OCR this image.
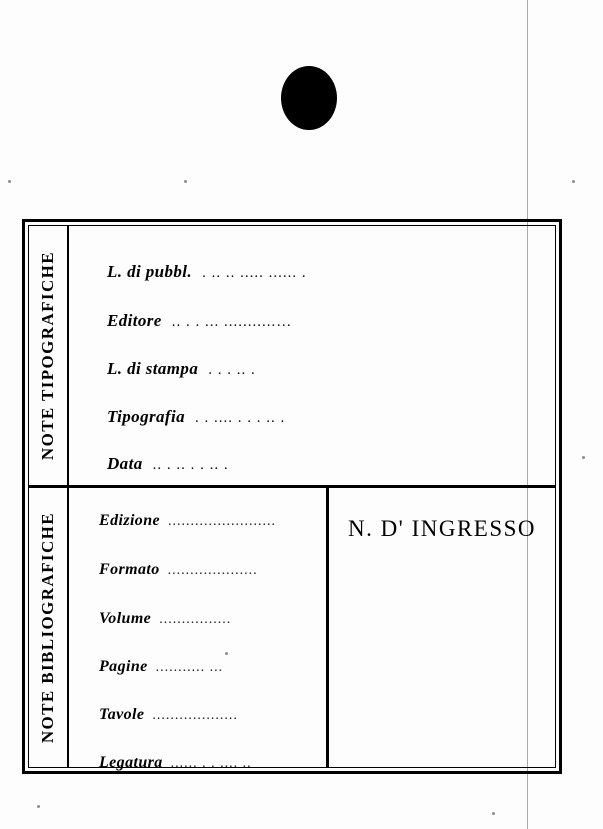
NOTE TIPOGRAFICHE	L. di pubbl. . .. .. ..... ...... .
Editore .. . . ... ...........…
L. di stampa . . . .. .
Tipografia . . .... . . . .. .
Data .. . .. . . .. .
NOTE BIBLIOGRAFICHE	Edizione ........................
Formato ....................
Volume ................
Pagine ........... ...
Tavole ...................
Legatura ...... . . .... ..
N. D' INGRESSO
